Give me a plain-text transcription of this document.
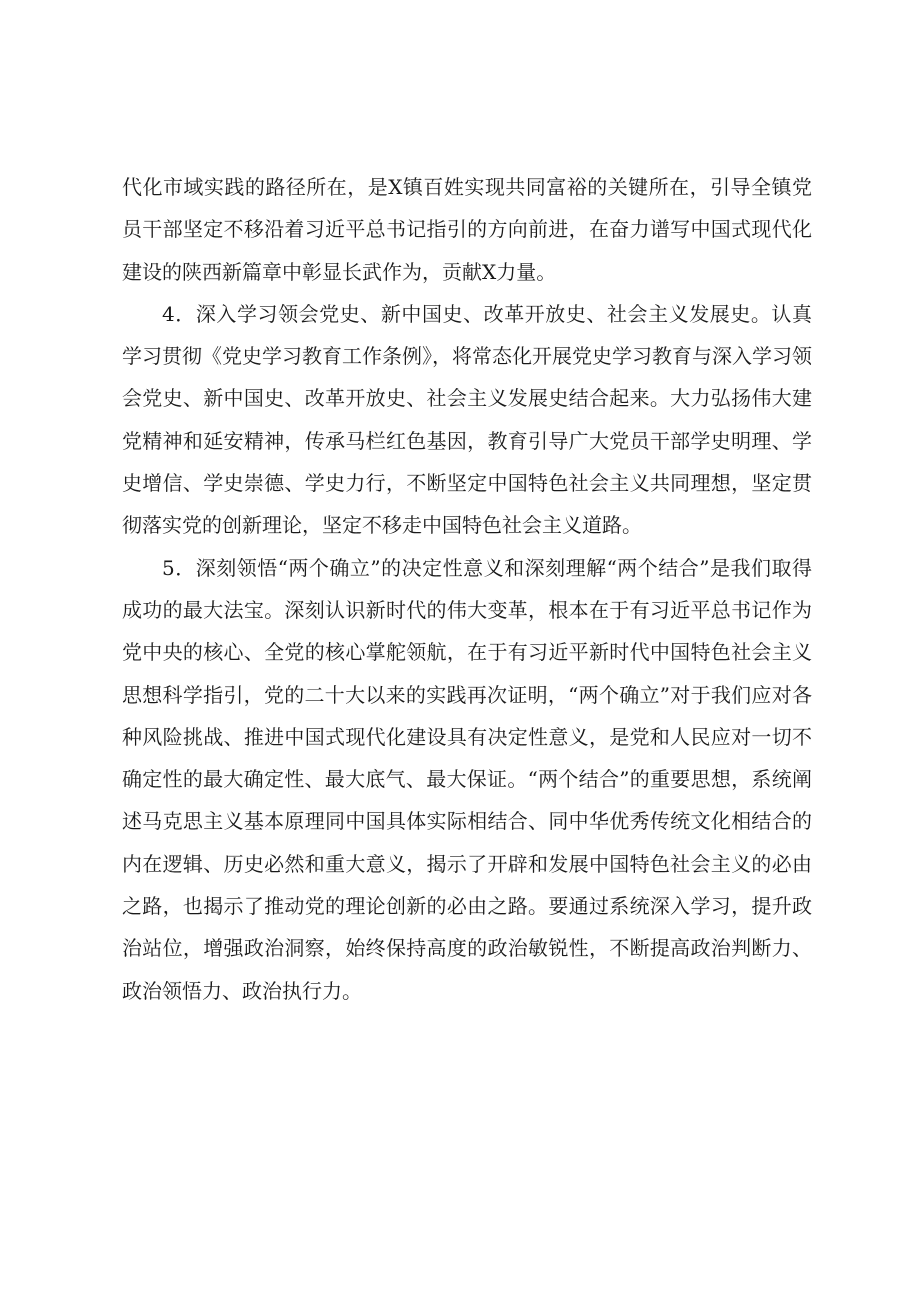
代化市域实践的路径所在，是X镇百姓实现共同富裕的关键所在，引导全镇党员干部坚定不移沿着习近平总书记指引的方向前进，在奋力谱写中国式现代化建设的陕西新篇章中彰显长武作为，贡献X力量。

4．深入学习领会党史、新中国史、改革开放史、社会主义发展史。认真学习贯彻《党史学习教育工作条例》，将常态化开展党史学习教育与深入学习领会党史、新中国史、改革开放史、社会主义发展史结合起来。大力弘扬伟大建党精神和延安精神，传承马栏红色基因，教育引导广大党员干部学史明理、学史增信、学史崇德、学史力行，不断坚定中国特色社会主义共同理想，坚定贯彻落实党的创新理论，坚定不移走中国特色社会主义道路。

5．深刻领悟“两个确立”的决定性意义和深刻理解“两个结合”是我们取得成功的最大法宝。深刻认识新时代的伟大变革，根本在于有习近平总书记作为党中央的核心、全党的核心掌舵领航，在于有习近平新时代中国特色社会主义思想科学指引，党的二十大以来的实践再次证明，“两个确立”对于我们应对各种风险挑战、推进中国式现代化建设具有决定性意义，是党和人民应对一切不确定性的最大确定性、最大底气、最大保证。“两个结合”的重要思想，系统阐述马克思主义基本原理同中国具体实际相结合、同中华优秀传统文化相结合的内在逻辑、历史必然和重大意义，揭示了开辟和发展中国特色社会主义的必由之路，也揭示了推动党的理论创新的必由之路。要通过系统深入学习，提升政治站位，增强政治洞察，始终保持高度的政治敏锐性，不断提高政治判断力、政治领悟力、政治执行力。
